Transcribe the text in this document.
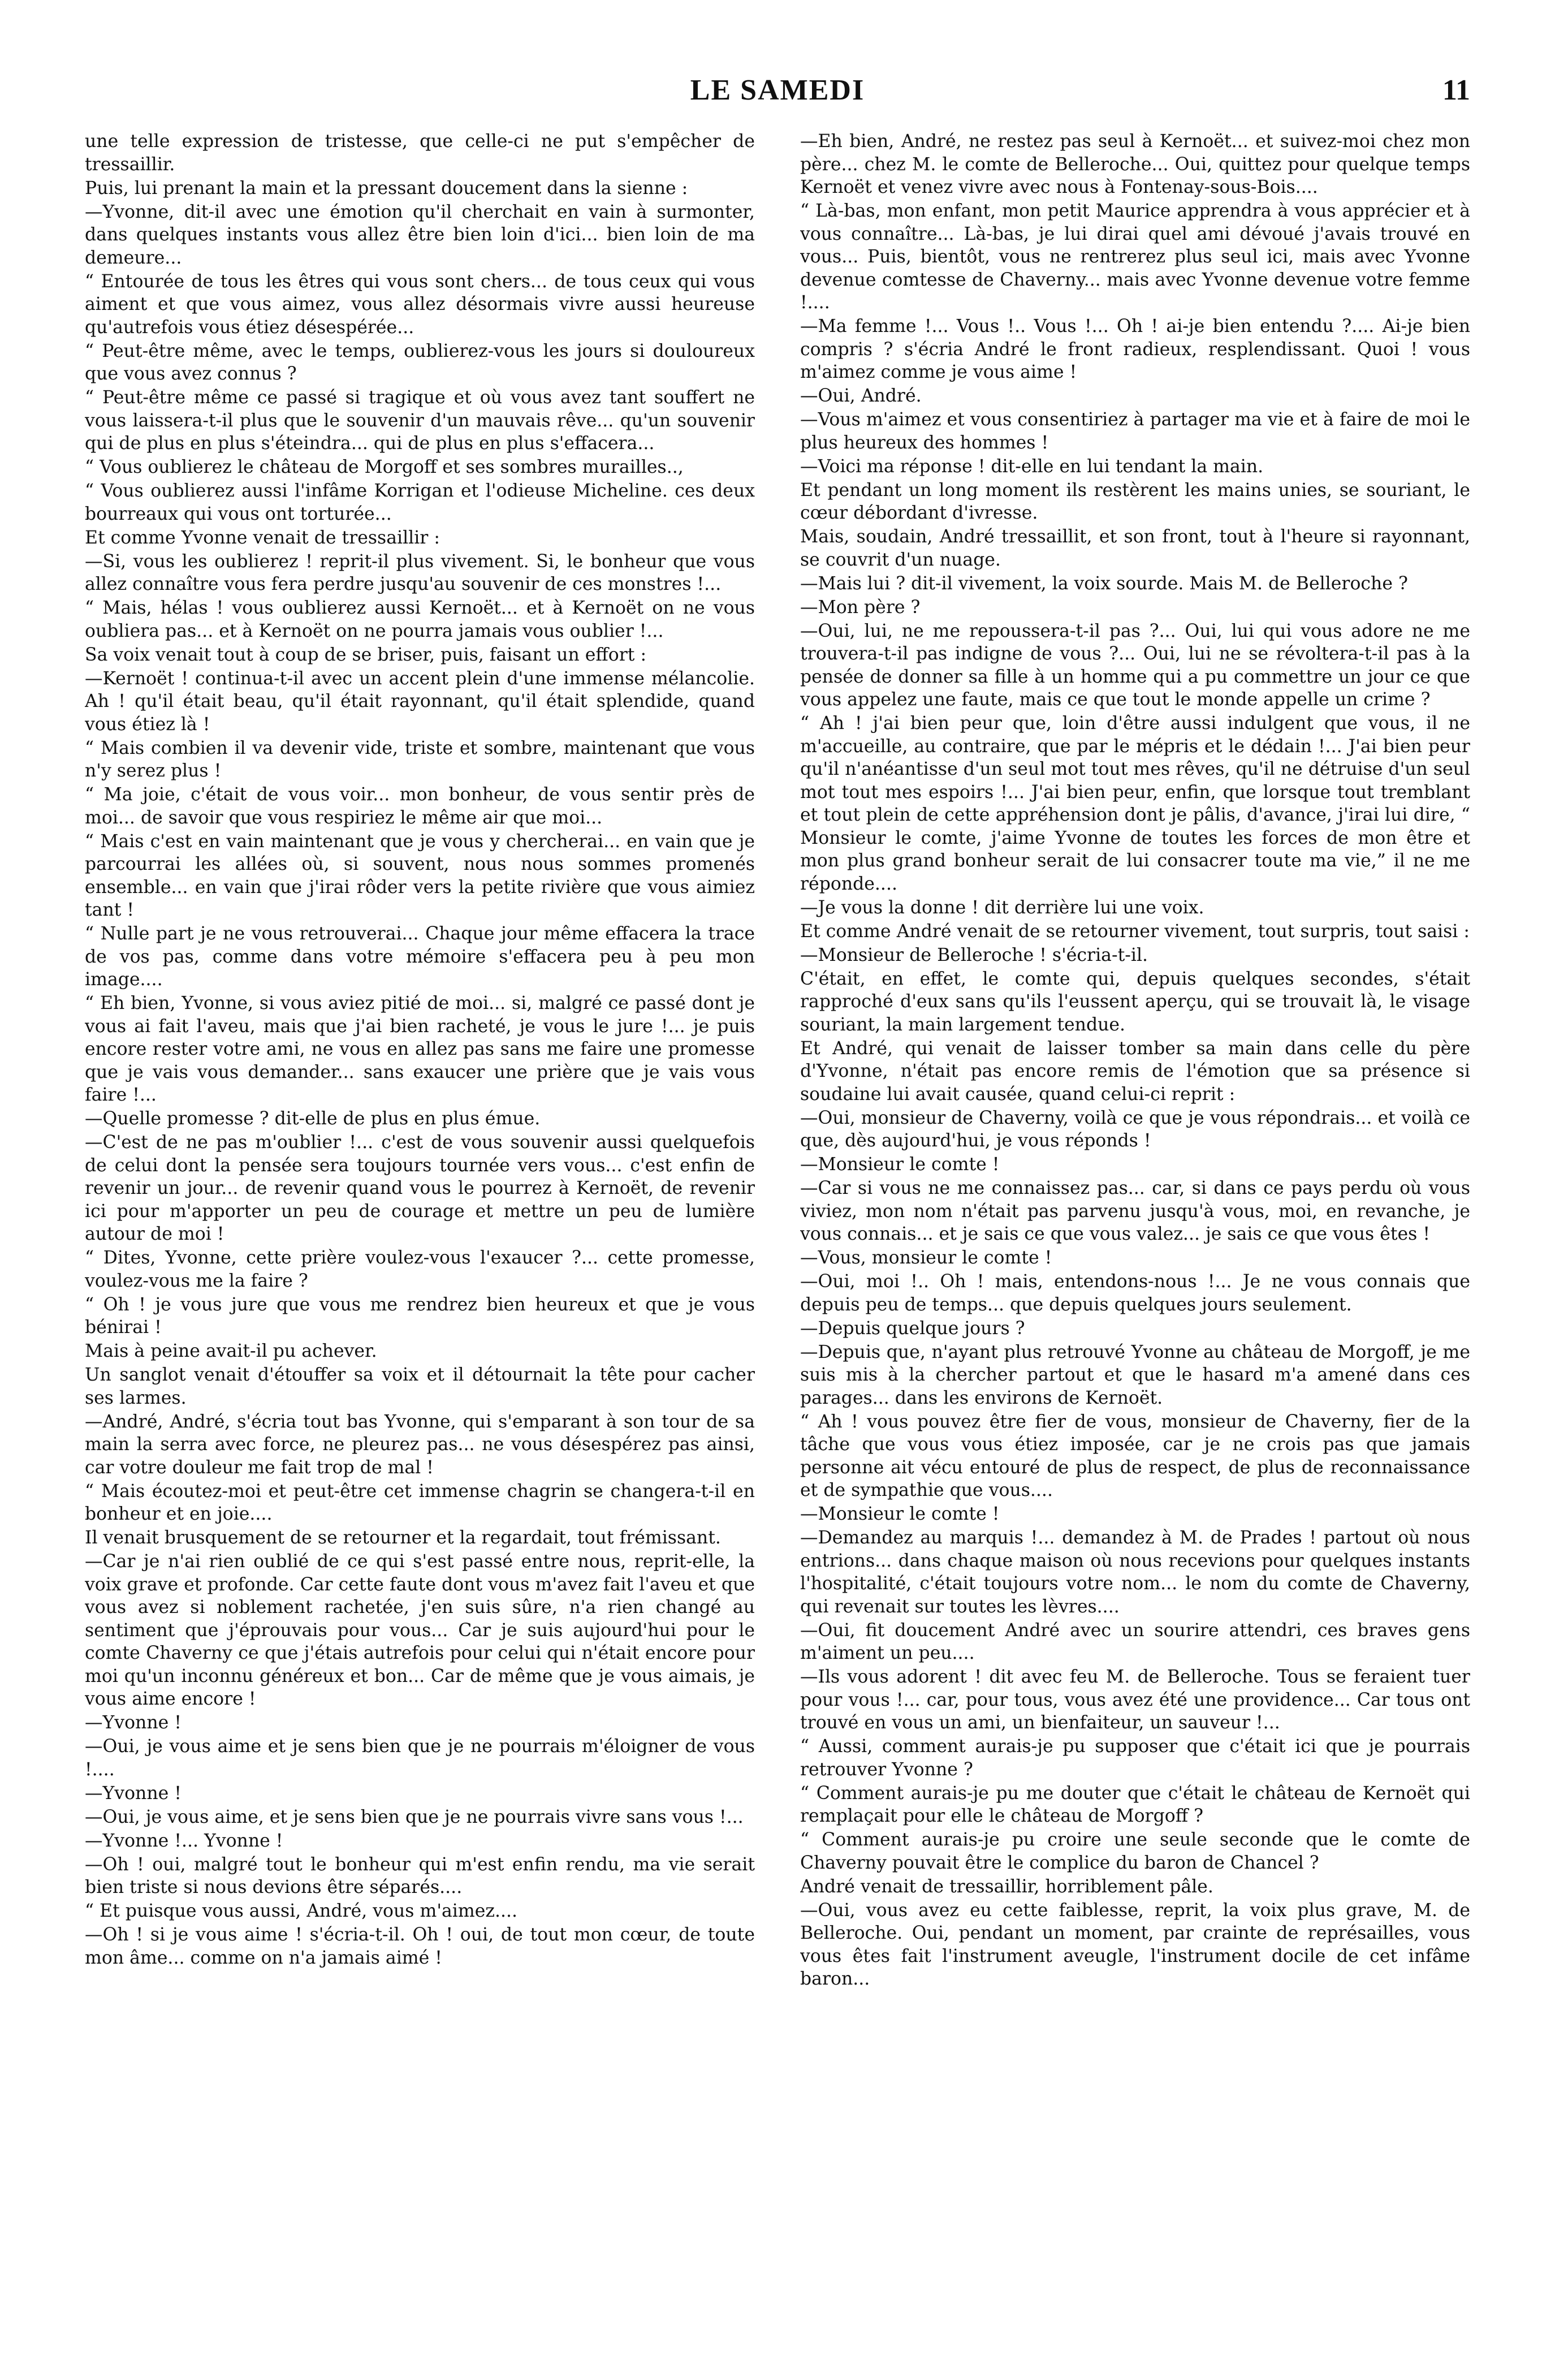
LE SAMEDI	11

une telle expression de tristesse, que celle-ci ne put s'empêcher de tressaillir.

Puis, lui prenant la main et la pressant doucement dans la sienne :

—Yvonne, dit-il avec une émotion qu'il cherchait en vain à surmonter, dans quelques instants vous allez être bien loin d'ici... bien loin de ma demeure...

“ Entourée de tous les êtres qui vous sont chers... de tous ceux qui vous aiment et que vous aimez, vous allez désormais vivre aussi heureuse qu'autrefois vous étiez désespérée...

“ Peut-être même, avec le temps, oublierez-vous les jours si douloureux que vous avez connus ?

“ Peut-être même ce passé si tragique et où vous avez tant souffert ne vous laissera-t-il plus que le souvenir d'un mauvais rêve... qu'un souvenir qui de plus en plus s'éteindra... qui de plus en plus s'effacera...

“ Vous oublierez le château de Morgoff et ses sombres murailles..,

“ Vous oublierez aussi l'infâme Korrigan et l'odieuse Micheline. ces deux bourreaux qui vous ont torturée...

Et comme Yvonne venait de tressaillir :

—Si, vous les oublierez ! reprit-il plus vivement. Si, le bonheur que vous allez connaître vous fera perdre jusqu'au souvenir de ces monstres !...

“ Mais, hélas ! vous oublierez aussi Kernoët... et à Kernoët on ne vous oubliera pas... et à Kernoët on ne pourra jamais vous oublier !...

Sa voix venait tout à coup de se briser, puis, faisant un effort :

—Kernoët ! continua-t-il avec un accent plein d'une immense mélancolie. Ah ! qu'il était beau, qu'il était rayonnant, qu'il était splendide, quand vous étiez là !

“ Mais combien il va devenir vide, triste et sombre, maintenant que vous n'y serez plus !

“ Ma joie, c'était de vous voir... mon bonheur, de vous sentir près de moi... de savoir que vous respiriez le même air que moi...

“ Mais c'est en vain maintenant que je vous y chercherai... en vain que je parcourrai les allées où, si souvent, nous nous sommes promenés ensemble... en vain que j'irai rôder vers la petite rivière que vous aimiez tant !

“ Nulle part je ne vous retrouverai... Chaque jour même effacera la trace de vos pas, comme dans votre mémoire s'effacera peu à peu mon image....

“ Eh bien, Yvonne, si vous aviez pitié de moi... si, malgré ce passé dont je vous ai fait l'aveu, mais que j'ai bien racheté, je vous le jure !... je puis encore rester votre ami, ne vous en allez pas sans me faire une promesse que je vais vous demander... sans exaucer une prière que je vais vous faire !...

—Quelle promesse ? dit-elle de plus en plus émue.

—C'est de ne pas m'oublier !... c'est de vous souvenir aussi quelquefois de celui dont la pensée sera toujours tournée vers vous... c'est enfin de revenir un jour... de revenir quand vous le pourrez à Kernoët, de revenir ici pour m'apporter un peu de courage et mettre un peu de lumière autour de moi !

“ Dites, Yvonne, cette prière voulez-vous l'exaucer ?... cette promesse, voulez-vous me la faire ?

“ Oh ! je vous jure que vous me rendrez bien heureux et que je vous bénirai !

Mais à peine avait-il pu achever.

Un sanglot venait d'étouffer sa voix et il détournait la tête pour cacher ses larmes.

—André, André, s'écria tout bas Yvonne, qui s'emparant à son tour de sa main la serra avec force, ne pleurez pas... ne vous désespérez pas ainsi, car votre douleur me fait trop de mal !

“ Mais écoutez-moi et peut-être cet immense chagrin se changera-t-il en bonheur et en joie....

Il venait brusquement de se retourner et la regardait, tout frémissant.

—Car je n'ai rien oublié de ce qui s'est passé entre nous, reprit-elle, la voix grave et profonde. Car cette faute dont vous m'avez fait l'aveu et que vous avez si noblement rachetée, j'en suis sûre, n'a rien changé au sentiment que j'éprouvais pour vous... Car je suis aujourd'hui pour le comte Chaverny ce que j'étais autrefois pour celui qui n'était encore pour moi qu'un inconnu généreux et bon... Car de même que je vous aimais, je vous aime encore !

—Yvonne !

—Oui, je vous aime et je sens bien que je ne pourrais m'éloigner de vous !....

—Yvonne !

—Oui, je vous aime, et je sens bien que je ne pourrais vivre sans vous !...

—Yvonne !... Yvonne !

—Oh ! oui, malgré tout le bonheur qui m'est enfin rendu, ma vie serait bien triste si nous devions être séparés....

“ Et puisque vous aussi, André, vous m'aimez....

—Oh ! si je vous aime ! s'écria-t-il. Oh ! oui, de tout mon cœur, de toute mon âme... comme on n'a jamais aimé !

—Eh bien, André, ne restez pas seul à Kernoët... et suivez-moi chez mon père... chez M. le comte de Belleroche... Oui, quittez pour quelque temps Kernoët et venez vivre avec nous à Fontenay-sous-Bois....

“ Là-bas, mon enfant, mon petit Maurice apprendra à vous apprécier et à vous connaître... Là-bas, je lui dirai quel ami dévoué j'avais trouvé en vous... Puis, bientôt, vous ne rentrerez plus seul ici, mais avec Yvonne devenue comtesse de Chaverny... mais avec Yvonne devenue votre femme !....

—Ma femme !... Vous !.. Vous !... Oh ! ai-je bien entendu ?.... Ai-je bien compris ? s'écria André le front radieux, resplendissant. Quoi ! vous m'aimez comme je vous aime !

—Oui, André.

—Vous m'aimez et vous consentiriez à partager ma vie et à faire de moi le plus heureux des hommes !

—Voici ma réponse ! dit-elle en lui tendant la main.

Et pendant un long moment ils restèrent les mains unies, se souriant, le cœur débordant d'ivresse.

Mais, soudain, André tressaillit, et son front, tout à l'heure si rayonnant, se couvrit d'un nuage.

—Mais lui ? dit-il vivement, la voix sourde. Mais M. de Belleroche ?

—Mon père ?

—Oui, lui, ne me repoussera-t-il pas ?... Oui, lui qui vous adore ne me trouvera-t-il pas indigne de vous ?... Oui, lui ne se révoltera-t-il pas à la pensée de donner sa fille à un homme qui a pu commettre un jour ce que vous appelez une faute, mais ce que tout le monde appelle un crime ?

“ Ah ! j'ai bien peur que, loin d'être aussi indulgent que vous, il ne m'accueille, au contraire, que par le mépris et le dédain !... J'ai bien peur qu'il n'anéantisse d'un seul mot tout mes rêves, qu'il ne détruise d'un seul mot tout mes espoirs !... J'ai bien peur, enfin, que lorsque tout tremblant et tout plein de cette appréhension dont je pâlis, d'avance, j'irai lui dire, “ Monsieur le comte, j'aime Yvonne de toutes les forces de mon être et mon plus grand bonheur serait de lui consacrer toute ma vie,” il ne me réponde....

—Je vous la donne ! dit derrière lui une voix.

Et comme André venait de se retourner vivement, tout surpris, tout saisi :

—Monsieur de Belleroche ! s'écria-t-il.

C'était, en effet, le comte qui, depuis quelques secondes, s'était rapproché d'eux sans qu'ils l'eussent aperçu, qui se trouvait là, le visage souriant, la main largement tendue.

Et André, qui venait de laisser tomber sa main dans celle du père d'Yvonne, n'était pas encore remis de l'émotion que sa présence si soudaine lui avait causée, quand celui-ci reprit :

—Oui, monsieur de Chaverny, voilà ce que je vous répondrais... et voilà ce que, dès aujourd'hui, je vous réponds !

—Monsieur le comte !

—Car si vous ne me connaissez pas... car, si dans ce pays perdu où vous viviez, mon nom n'était pas parvenu jusqu'à vous, moi, en revanche, je vous connais... et je sais ce que vous valez... je sais ce que vous êtes !

—Vous, monsieur le comte !

—Oui, moi !.. Oh ! mais, entendons-nous !... Je ne vous connais que depuis peu de temps... que depuis quelques jours seulement.

—Depuis quelque jours ?

—Depuis que, n'ayant plus retrouvé Yvonne au château de Morgoff, je me suis mis à la chercher partout et que le hasard m'a amené dans ces parages... dans les environs de Kernoët.

“ Ah ! vous pouvez être fier de vous, monsieur de Chaverny, fier de la tâche que vous vous étiez imposée, car je ne crois pas que jamais personne ait vécu entouré de plus de respect, de plus de reconnaissance et de sympathie que vous....

—Monsieur le comte !

—Demandez au marquis !... demandez à M. de Prades ! partout où nous entrions... dans chaque maison où nous recevions pour quelques instants l'hospitalité, c'était toujours votre nom... le nom du comte de Chaverny, qui revenait sur toutes les lèvres....

—Oui, fit doucement André avec un sourire attendri, ces braves gens m'aiment un peu....

—Ils vous adorent ! dit avec feu M. de Belleroche. Tous se feraient tuer pour vous !... car, pour tous, vous avez été une providence... Car tous ont trouvé en vous un ami, un bienfaiteur, un sauveur !...

“ Aussi, comment aurais-je pu supposer que c'était ici que je pourrais retrouver Yvonne ?

“ Comment aurais-je pu me douter que c'était le château de Kernoët qui remplaçait pour elle le château de Morgoff ?

“ Comment aurais-je pu croire une seule seconde que le comte de Chaverny pouvait être le complice du baron de Chancel ?

André venait de tressaillir, horriblement pâle.

—Oui, vous avez eu cette faiblesse, reprit, la voix plus grave, M. de Belleroche. Oui, pendant un moment, par crainte de représailles, vous vous êtes fait l'instrument aveugle, l'instrument docile de cet infâme baron...
